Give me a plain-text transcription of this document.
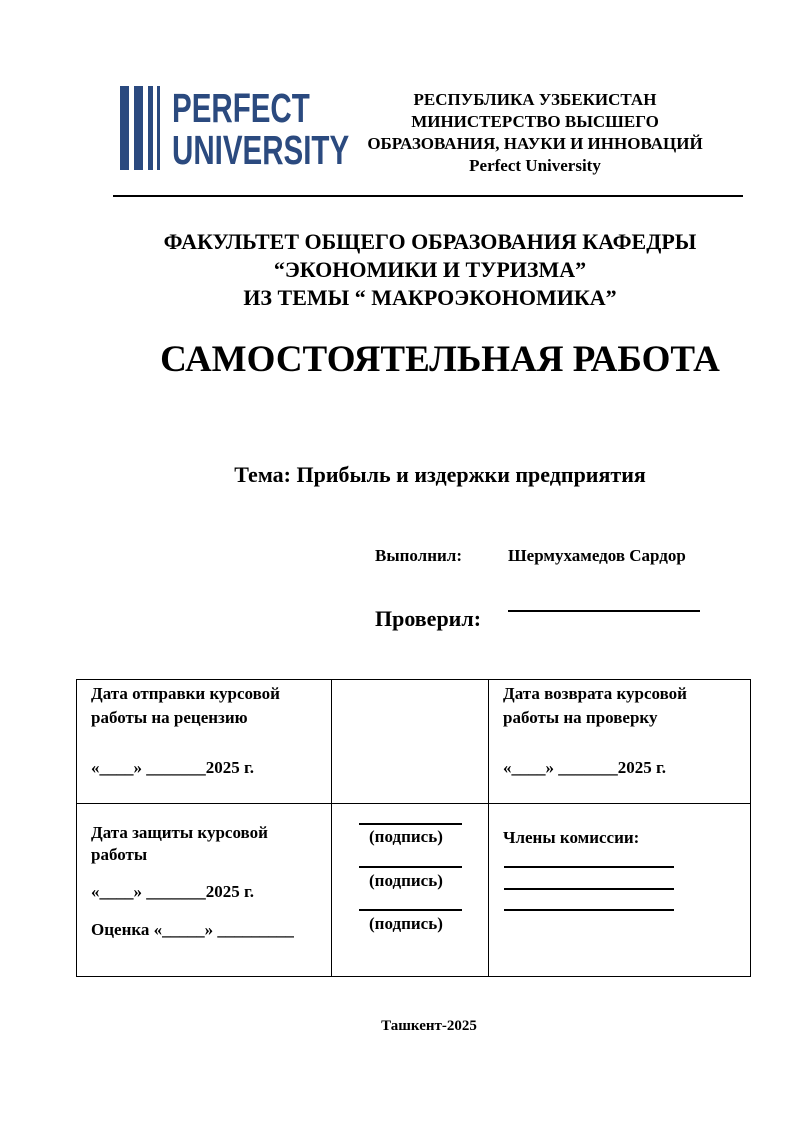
PERFECT
UNIVERSITY
РЕСПУБЛИКА УЗБЕКИСТАН
МИНИСТЕРСТВО ВЫСШЕГО
ОБРАЗОВАНИЯ, НАУКИ И ИННОВАЦИЙ
Perfect University
ФАКУЛЬТЕТ ОБЩЕГО ОБРАЗОВАНИЯ КАФЕДРЫ
“ЭКОНОМИКИ И ТУРИЗМА”
ИЗ ТЕМЫ “ МАКРОЭКОНОМИКА”
САМОСТОЯТЕЛЬНАЯ РАБОТА
Тема: Прибыль и издержки предприятия
Выполнил:	Шермухамедов Сардор
Проверил:
Дата отправки курсовой
работы на рецензию
«____» _______2025 г.
Дата возврата курсовой
работы на проверку
«____» _______2025 г.
Дата защиты курсовой
работы
«____» _______2025 г.
Оценка «_____» _________
(подпись)
(подпись)
(подпись)
Члены комиссии:
Ташкент-2025
